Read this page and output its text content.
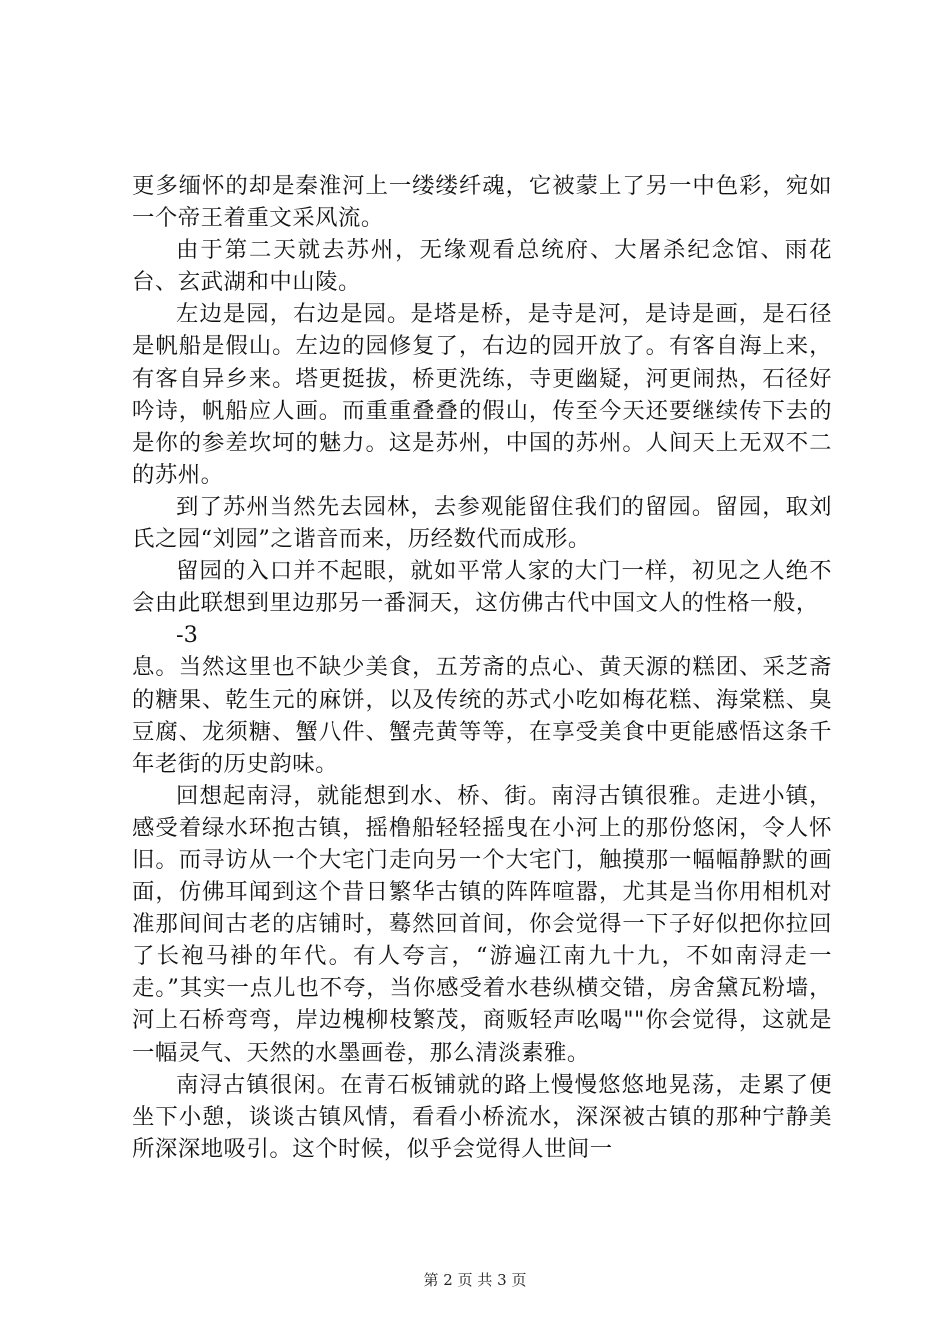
更多缅怀的却是秦淮河上一缕缕纤魂，它被蒙上了另一中色彩，宛如一个帝王着重文采风流。

由于第二天就去苏州，无缘观看总统府、大屠杀纪念馆、雨花台、玄武湖和中山陵。

左边是园，右边是园。是塔是桥，是寺是河，是诗是画，是石径是帆船是假山。左边的园修复了，右边的园开放了。有客自海上来，有客自异乡来。塔更挺拔，桥更洗练，寺更幽疑，河更闹热，石径好吟诗，帆船应人画。而重重叠叠的假山，传至今天还要继续传下去的是你的参差坎坷的魅力。这是苏州，中国的苏州。人间天上无双不二的苏州。

到了苏州当然先去园林，去参观能留住我们的留园。留园，取刘氏之园“刘园”之谐音而来，历经数代而成形。

留园的入口并不起眼，就如平常人家的大门一样，初见之人绝不会由此联想到里边那另一番洞天，这仿佛古代中国文人的性格一般，

-3

息。当然这里也不缺少美食，五芳斋的点心、黄天源的糕团、采芝斋的糖果、乾生元的麻饼，以及传统的苏式小吃如梅花糕、海棠糕、臭豆腐、龙须糖、蟹八件、蟹壳黄等等，在享受美食中更能感悟这条千年老街的历史韵味。

回想起南浔，就能想到水、桥、街。南浔古镇很雅。走进小镇，感受着绿水环抱古镇，摇橹船轻轻摇曳在小河上的那份悠闲，令人怀旧。而寻访从一个大宅门走向另一个大宅门，触摸那一幅幅静默的画面，仿佛耳闻到这个昔日繁华古镇的阵阵喧嚣，尤其是当你用相机对准那间间古老的店铺时，蓦然回首间，你会觉得一下子好似把你拉回了长袍马褂的年代。有人夸言，“游遍江南九十九，不如南浔走一走。”其实一点儿也不夸，当你感受着水巷纵横交错，房舍黛瓦粉墙，河上石桥弯弯，岸边槐柳枝繁茂，商贩轻声吆喝""你会觉得，这就是一幅灵气、天然的水墨画卷，那么清淡素雅。

南浔古镇很闲。在青石板铺就的路上慢慢悠悠地晃荡，走累了便坐下小憩，谈谈古镇风情，看看小桥流水，深深被古镇的那种宁静美所深深地吸引。这个时候，似乎会觉得人世间一

第 2 页 共 3 页
